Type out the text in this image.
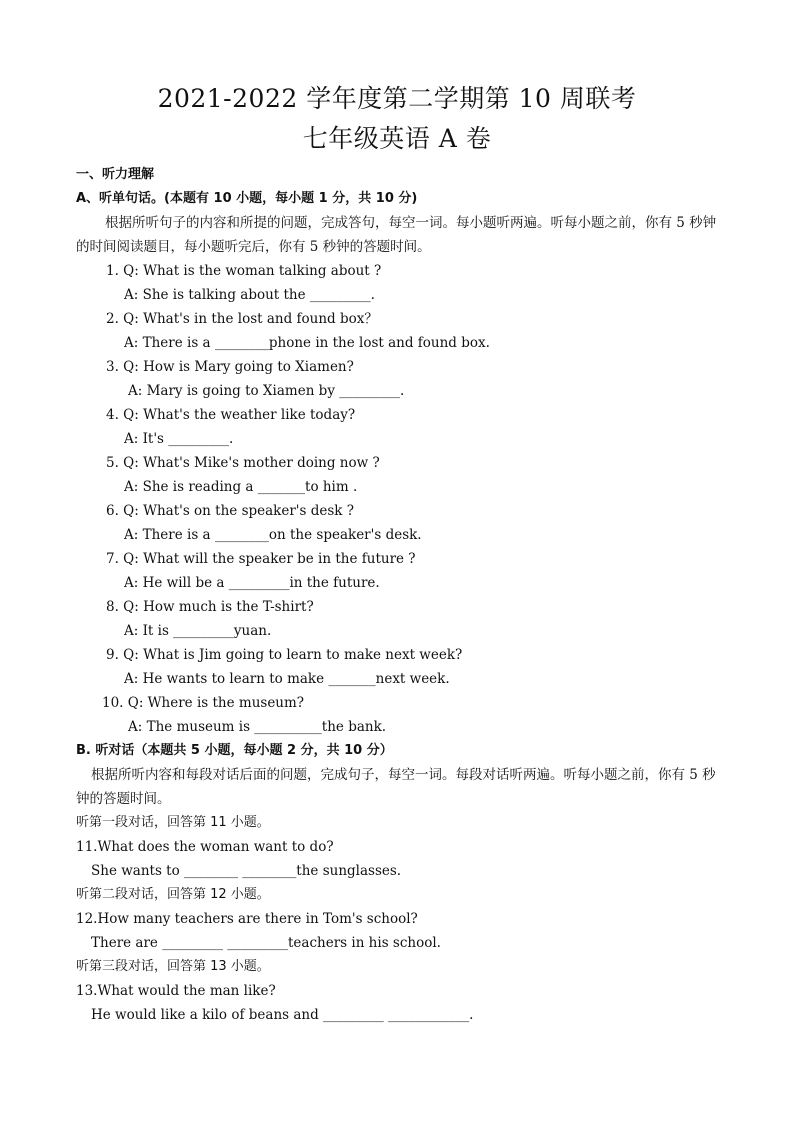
2021-2022 学年度第二学期第 10 周联考
七年级英语 A 卷
一、听力理解
A、听单句话。(本题有 10 小题，每小题 1 分，共 10 分)
根据所听句子的内容和所提的问题，完成答句，每空一词。每小题听两遍。听每小题之前，你有 5 秒钟的时间阅读题目，每小题听完后，你有 5 秒钟的答题时间。
1. Q: What is the woman talking about ?
A: She is talking about the _________.
2. Q: What's in the lost and found box？
A: There is a ________phone in the lost and found box.
3. Q: How is Mary going to Xiamen?
A: Mary is going to Xiamen by _________.
4. Q: What's the weather like today?
A: It's _________.
5. Q: What's Mike's mother doing now ?
A: She is reading a _______to him .
6. Q: What's on the speaker's desk ?
A: There is a ________on the speaker's desk.
7. Q: What will the speaker be in the future ?
A: He will be a _________in the future.
8. Q: How much is the T-shirt?
A: It is _________yuan.
9. Q: What is Jim going to learn to make next week?
A: He wants to learn to make _______next week.
10. Q: Where is the museum?
A: The museum is __________the bank.
B. 听对话（本题共 5 小题，每小题 2 分，共 10 分）
根据所听内容和每段对话后面的问题，完成句子，每空一词。每段对话听两遍。听每小题之前，你有 5 秒钟的答题时间。
听第一段对话，回答第 11 小题。
11.What does the woman want to do?
She wants to ________ ________the sunglasses.
听第二段对话，回答第 12 小题。
12.How many teachers are there in Tom's school?
There are _________ _________teachers in his school.
听第三段对话，回答第 13 小题。
13.What would the man like?
He would like a kilo of beans and _________ ____________.
